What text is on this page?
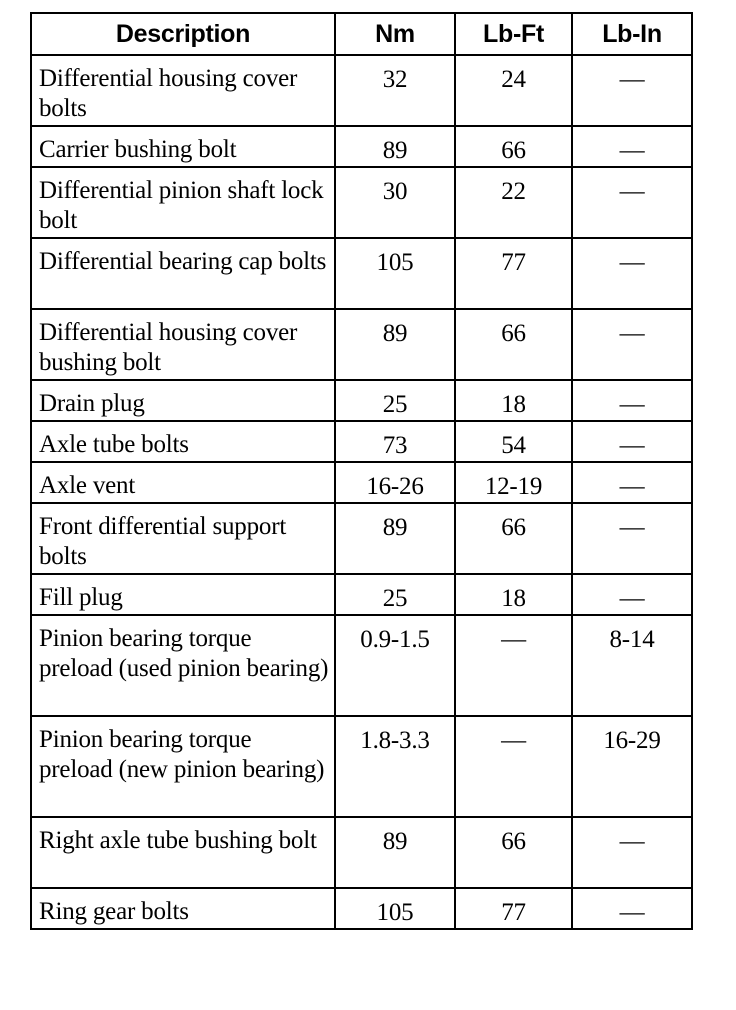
Description	Nm	Lb-Ft	Lb-In
Differential housing cover bolts	32	24	—
Carrier bushing bolt	89	66	—
Differential pinion shaft lock bolt	30	22	—
Differential bearing cap bolts	105	77	—
Differential housing cover bushing bolt	89	66	—
Drain plug	25	18	—
Axle tube bolts	73	54	—
Axle vent	16-26	12-19	—
Front differential support bolts	89	66	—
Fill plug	25	18	—
Pinion bearing torque preload (used pinion bearing)	0.9-1.5	—	8-14
Pinion bearing torque preload (new pinion bearing)	1.8-3.3	—	16-29
Right axle tube bushing bolt	89	66	—
Ring gear bolts	105	77	—
